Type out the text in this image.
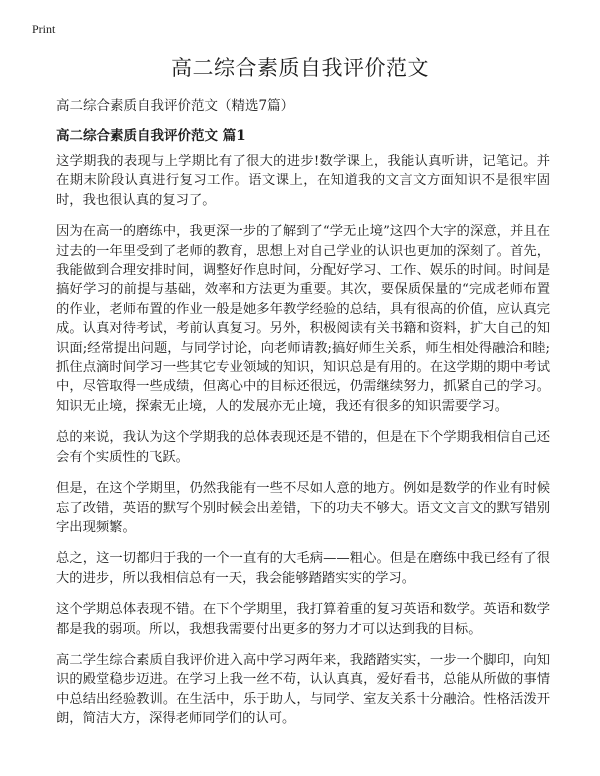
Print
高二综合素质自我评价范文

高二综合素质自我评价范文（精选7篇）

高二综合素质自我评价范文 篇1

这学期我的表现与上学期比有了很大的进步!数学课上，我能认真听讲，记笔记。并在期末阶段认真进行复习工作。语文课上，在知道我的文言文方面知识不是很牢固时，我也很认真的复习了。

因为在高一的磨练中，我更深一步的了解到了“学无止境”这四个大字的深意，并且在过去的一年里受到了老师的教育，思想上对自己学业的认识也更加的深刻了。首先，我能做到合理安排时间，调整好作息时间，分配好学习、工作、娱乐的时间。时间是搞好学习的前提与基础，效率和方法更为重要。其次，要保质保量的“完成老师布置的作业，老师布置的作业一般是她多年教学经验的总结，具有很高的价值，应认真完成。认真对待考试，考前认真复习。另外，积极阅读有关书籍和资料，扩大自己的知识面;经常提出问题，与同学讨论，向老师请教;搞好师生关系，师生相处得融洽和睦;抓住点滴时间学习一些其它专业领域的知识，知识总是有用的。在这学期的期中考试中，尽管取得一些成绩，但离心中的目标还很远，仍需继续努力，抓紧自己的学习。知识无止境，探索无止境，人的发展亦无止境，我还有很多的知识需要学习。

总的来说，我认为这个学期我的总体表现还是不错的，但是在下个学期我相信自己还会有个实质性的飞跃。

但是，在这个学期里，仍然我能有一些不尽如人意的地方。例如是数学的作业有时候忘了改错，英语的默写个别时候会出差错，下的功夫不够大。语文文言文的默写错别字出现频繁。

总之，这一切都归于我的一个一直有的大毛病——粗心。但是在磨练中我已经有了很大的进步，所以我相信总有一天，我会能够踏踏实实的学习。

这个学期总体表现不错。在下个学期里，我打算着重的复习英语和数学。英语和数学都是我的弱项。所以，我想我需要付出更多的努力才可以达到我的目标。

高二学生综合素质自我评价进入高中学习两年来，我踏踏实实，一步一个脚印，向知识的殿堂稳步迈进。在学习上我一丝不苟，认认真真，爱好看书，总能从所做的事情中总结出经验教训。在生活中，乐于助人，与同学、室友关系十分融洽。性格活泼开朗，简洁大方，深得老师同学们的认可。
